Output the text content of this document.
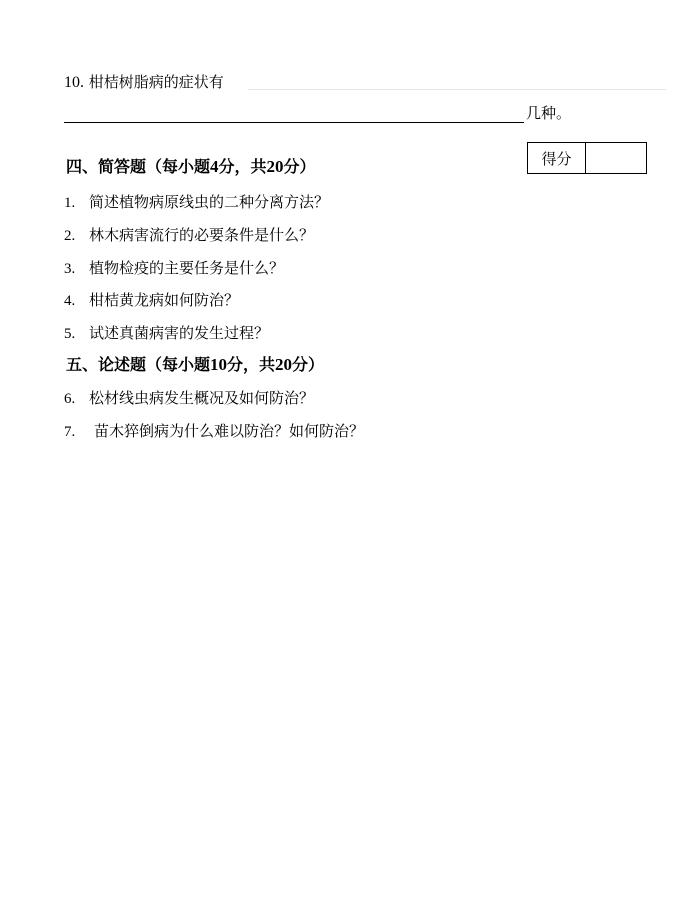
10. 柑桔树脂病的症状有
几种。
四、简答题（每小题4分，共20分）	得分
1. 简述植物病原线虫的二种分离方法？
2. 林木病害流行的必要条件是什么？
3. 植物检疫的主要任务是什么？
4. 柑桔黄龙病如何防治？
5. 试述真菌病害的发生过程？
五、论述题（每小题10分，共20分）
6. 松材线虫病发生概况及如何防治？
7. 苗木猝倒病为什么难以防治？如何防治？
